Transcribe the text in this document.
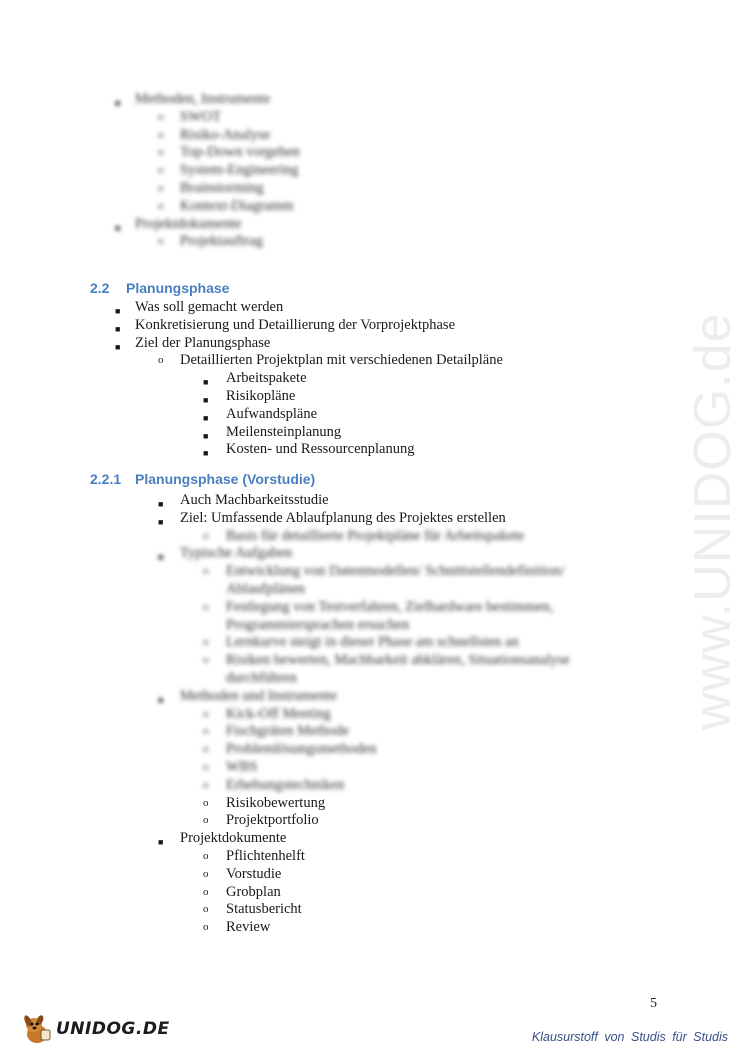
www.UNIDOG.de
■ Methoden, Instrumente
o SWOT
o Risiko-Analyse
o Top-Down vorgehen
o System-Engineering
o Brainstorming
o Kontext-Diagramm
■ Projektdokumente
o Projektauftrag
2.2 Planungsphase
■ Was soll gemacht werden
■ Konkretisierung und Detaillierung der Vorprojektphase
■ Ziel der Planungsphase
o Detaillierten Projektplan mit verschiedenen Detailpläne
■ Arbeitspakete
■ Risikopläne
■ Aufwandspläne
■ Meilensteinplanung
■ Kosten- und Ressourcenplanung
2.2.1 Planungsphase (Vorstudie)
■ Auch Machbarkeitsstudie
■ Ziel: Umfassende Ablaufplanung des Projektes erstellen
o Basis für detaillierte Projektpläne für Arbeitspakete
■ Typische Aufgaben
o Entwicklung von Datenmodellen/ Schnittstellendefinition/
Ablaufplänen
o Festlegung von Testverfahren, Zielhardware bestimmen,
Programmiersprachen ersuchen
o Lernkurve steigt in dieser Phase am schnellsten an
o Risiken bewerten, Machbarkeit abklären, Situationsanalyse
durchführen
■ Methoden und Instrumente
o Kick-Off Meeting
o Fischgräten Methode
o Problemlösungsmethoden
o WBS
o Erhebungstechniken
o Risikobewertung
o Projektportfolio
■ Projektdokumente
o Pflichtenhelft
o Vorstudie
o Grobplan
o Statusbericht
o Review
5
UNIDOG.DE	Klausurstoff von Studis für Studis
